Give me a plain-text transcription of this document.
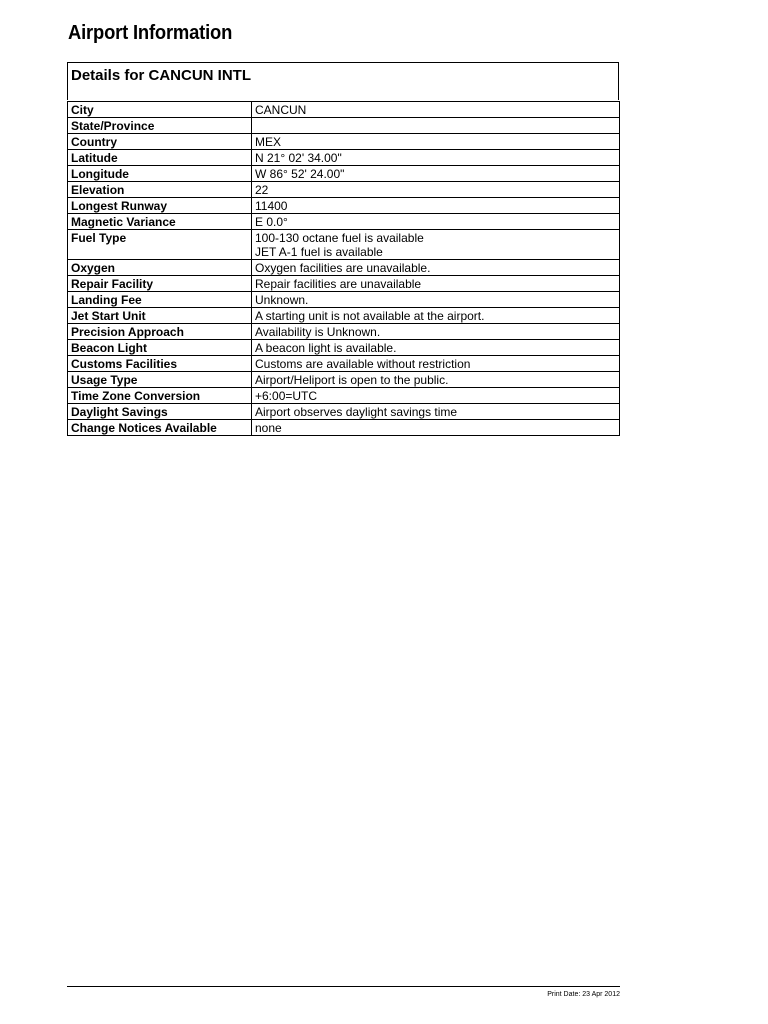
Airport Information
Details for CANCUN INTL
City	CANCUN
State/Province	
Country	MEX
Latitude	N 21° 02' 34.00"
Longitude	W 86° 52' 24.00"
Elevation	22
Longest Runway	11400
Magnetic Variance	E 0.0°
Fuel Type	100-130 octane fuel is available
JET A-1 fuel is available

Oxygen	Oxygen facilities are unavailable.
Repair Facility	Repair facilities are unavailable
Landing Fee	Unknown.
Jet Start Unit	A starting unit is not available at the airport.
Precision Approach	Availability is Unknown.
Beacon Light	A beacon light is available.
Customs Facilities	Customs are available without restriction
Usage Type	Airport/Heliport is open to the public.
Time Zone Conversion	+6:00=UTC
Daylight Savings	Airport observes daylight savings time
Change Notices Available	none
Print Date: 23 Apr 2012
